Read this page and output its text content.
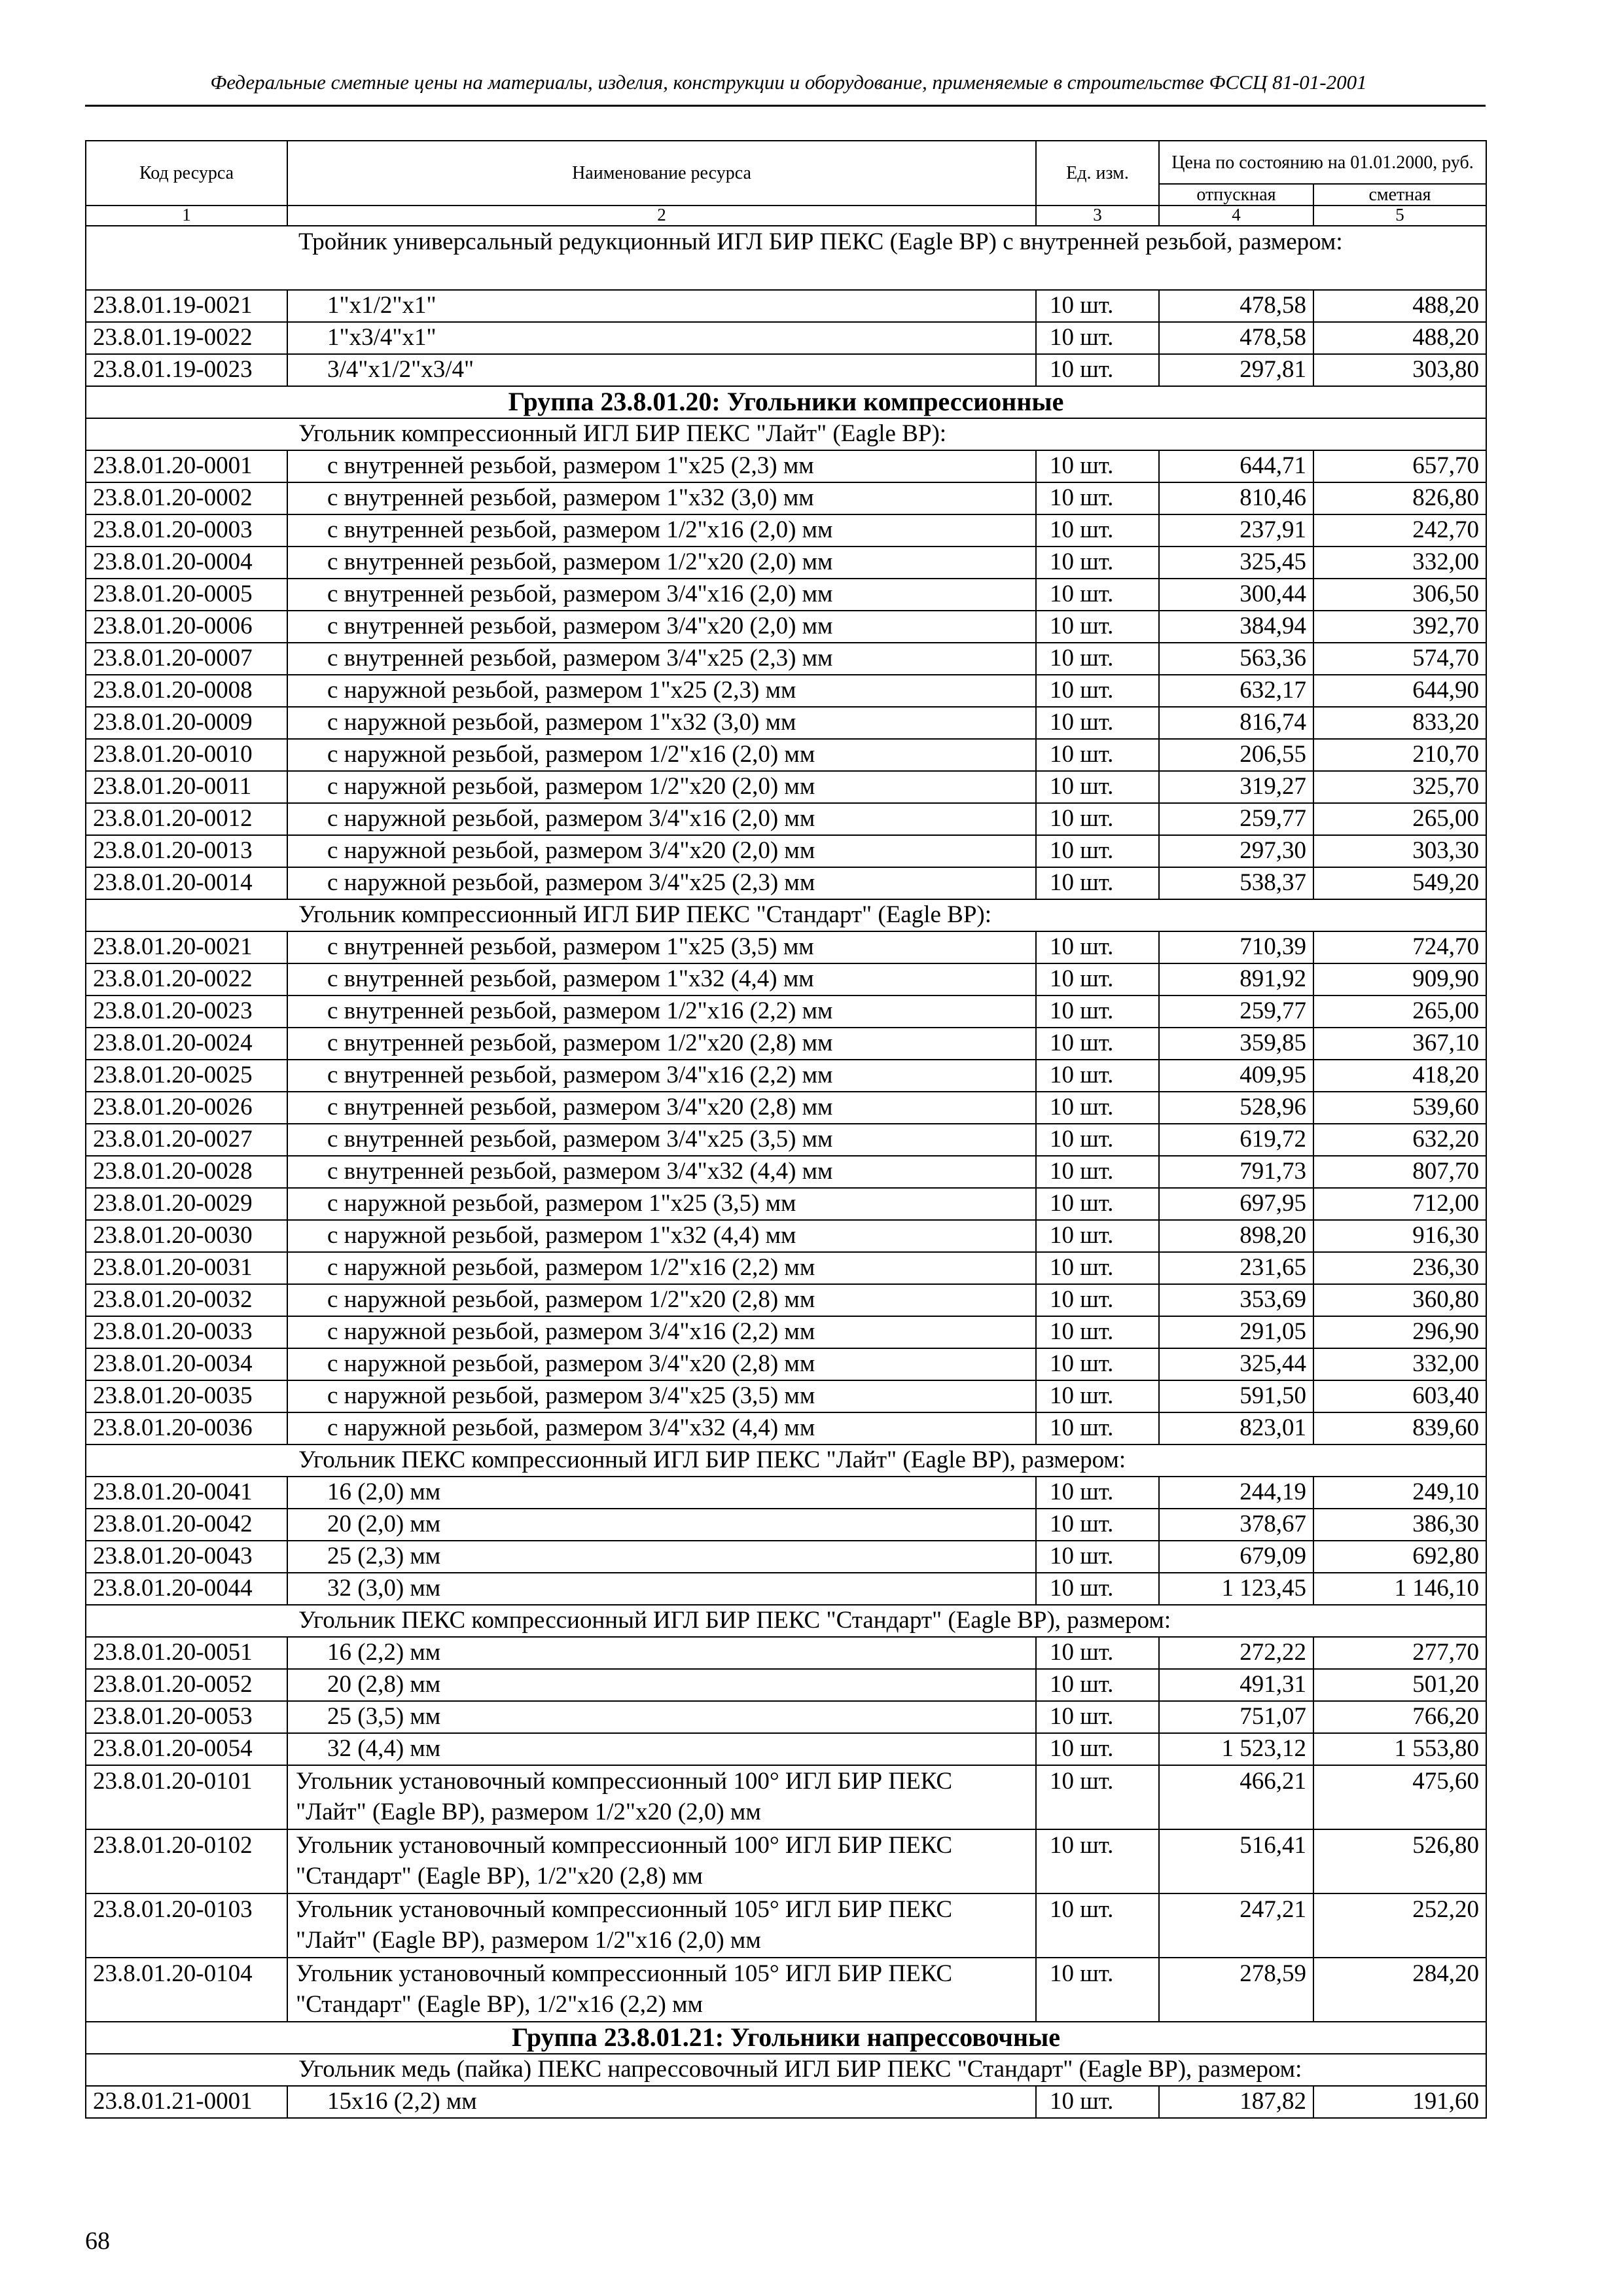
Федеральные сметные цены на материалы, изделия, конструкции и оборудование, применяемые в строительстве ФССЦ 81-01-2001
Код ресурса	Наименование ресурса	Ед. изм.	Цена по состоянию на 01.01.2000, руб.	
			отпускная	сметная
1	2	3	4	5
Тройник универсальный редукционный ИГЛ БИР ПЕКС (Eagle BP) с внутренней резьбой, размером:				
23.8.01.19-0021	1"x1/2"x1"	10 шт.	478,58	488,20
23.8.01.19-0022	1"x3/4"x1"	10 шт.	478,58	488,20
23.8.01.19-0023	3/4"x1/2"x3/4"	10 шт.	297,81	303,80
Группа 23.8.01.20: Угольники компрессионные				
Угольник компрессионный ИГЛ БИР ПЕКС "Лайт" (Eagle BP):				
23.8.01.20-0001	с внутренней резьбой, размером 1"x25 (2,3) мм	10 шт.	644,71	657,70
23.8.01.20-0002	с внутренней резьбой, размером 1"x32 (3,0) мм	10 шт.	810,46	826,80
23.8.01.20-0003	с внутренней резьбой, размером 1/2"x16 (2,0) мм	10 шт.	237,91	242,70
23.8.01.20-0004	с внутренней резьбой, размером 1/2"x20 (2,0) мм	10 шт.	325,45	332,00
23.8.01.20-0005	с внутренней резьбой, размером 3/4"x16 (2,0) мм	10 шт.	300,44	306,50
23.8.01.20-0006	с внутренней резьбой, размером 3/4"x20 (2,0) мм	10 шт.	384,94	392,70
23.8.01.20-0007	с внутренней резьбой, размером 3/4"x25 (2,3) мм	10 шт.	563,36	574,70
23.8.01.20-0008	с наружной резьбой, размером 1"x25 (2,3) мм	10 шт.	632,17	644,90
23.8.01.20-0009	с наружной резьбой, размером 1"x32 (3,0) мм	10 шт.	816,74	833,20
23.8.01.20-0010	с наружной резьбой, размером 1/2"x16 (2,0) мм	10 шт.	206,55	210,70
23.8.01.20-0011	с наружной резьбой, размером 1/2"x20 (2,0) мм	10 шт.	319,27	325,70
23.8.01.20-0012	с наружной резьбой, размером 3/4"x16 (2,0) мм	10 шт.	259,77	265,00
23.8.01.20-0013	с наружной резьбой, размером 3/4"x20 (2,0) мм	10 шт.	297,30	303,30
23.8.01.20-0014	с наружной резьбой, размером 3/4"x25 (2,3) мм	10 шт.	538,37	549,20
Угольник компрессионный ИГЛ БИР ПЕКС "Стандарт" (Eagle BP):				
23.8.01.20-0021	с внутренней резьбой, размером 1"x25 (3,5) мм	10 шт.	710,39	724,70
23.8.01.20-0022	с внутренней резьбой, размером 1"x32 (4,4) мм	10 шт.	891,92	909,90
23.8.01.20-0023	с внутренней резьбой, размером 1/2"x16 (2,2) мм	10 шт.	259,77	265,00
23.8.01.20-0024	с внутренней резьбой, размером 1/2"x20 (2,8) мм	10 шт.	359,85	367,10
23.8.01.20-0025	с внутренней резьбой, размером 3/4"x16 (2,2) мм	10 шт.	409,95	418,20
23.8.01.20-0026	с внутренней резьбой, размером 3/4"x20 (2,8) мм	10 шт.	528,96	539,60
23.8.01.20-0027	с внутренней резьбой, размером 3/4"x25 (3,5) мм	10 шт.	619,72	632,20
23.8.01.20-0028	с внутренней резьбой, размером 3/4"x32 (4,4) мм	10 шт.	791,73	807,70
23.8.01.20-0029	с наружной резьбой, размером 1"x25 (3,5) мм	10 шт.	697,95	712,00
23.8.01.20-0030	с наружной резьбой, размером 1"x32 (4,4) мм	10 шт.	898,20	916,30
23.8.01.20-0031	с наружной резьбой, размером 1/2"x16 (2,2) мм	10 шт.	231,65	236,30
23.8.01.20-0032	с наружной резьбой, размером 1/2"x20 (2,8) мм	10 шт.	353,69	360,80
23.8.01.20-0033	с наружной резьбой, размером 3/4"x16 (2,2) мм	10 шт.	291,05	296,90
23.8.01.20-0034	с наружной резьбой, размером 3/4"x20 (2,8) мм	10 шт.	325,44	332,00
23.8.01.20-0035	с наружной резьбой, размером 3/4"x25 (3,5) мм	10 шт.	591,50	603,40
23.8.01.20-0036	с наружной резьбой, размером 3/4"x32 (4,4) мм	10 шт.	823,01	839,60
Угольник ПЕКС компрессионный ИГЛ БИР ПЕКС "Лайт" (Eagle BP), размером:				
23.8.01.20-0041	16 (2,0) мм	10 шт.	244,19	249,10
23.8.01.20-0042	20 (2,0) мм	10 шт.	378,67	386,30
23.8.01.20-0043	25 (2,3) мм	10 шт.	679,09	692,80
23.8.01.20-0044	32 (3,0) мм	10 шт.	1 123,45	1 146,10
Угольник ПЕКС компрессионный ИГЛ БИР ПЕКС "Стандарт" (Eagle BP), размером:				
23.8.01.20-0051	16 (2,2) мм	10 шт.	272,22	277,70
23.8.01.20-0052	20 (2,8) мм	10 шт.	491,31	501,20
23.8.01.20-0053	25 (3,5) мм	10 шт.	751,07	766,20
23.8.01.20-0054	32 (4,4) мм	10 шт.	1 523,12	1 553,80
23.8.01.20-0101	Угольник установочный компрессионный 100° ИГЛ БИР ПЕКС "Лайт" (Eagle BP), размером 1/2"x20 (2,0) мм	10 шт.	466,21	475,60
23.8.01.20-0102	Угольник установочный компрессионный 100° ИГЛ БИР ПЕКС "Стандарт" (Eagle BP), 1/2"x20 (2,8) мм	10 шт.	516,41	526,80
23.8.01.20-0103	Угольник установочный компрессионный 105° ИГЛ БИР ПЕКС "Лайт" (Eagle BP), размером 1/2"x16 (2,0) мм	10 шт.	247,21	252,20
23.8.01.20-0104	Угольник установочный компрессионный 105° ИГЛ БИР ПЕКС "Стандарт" (Eagle BP), 1/2"x16 (2,2) мм	10 шт.	278,59	284,20
Группа 23.8.01.21: Угольники напрессовочные				
Угольник медь (пайка) ПЕКС напрессовочный ИГЛ БИР ПЕКС "Стандарт" (Eagle BP), размером:				
23.8.01.21-0001	15x16 (2,2) мм	10 шт.	187,82	191,60
68
